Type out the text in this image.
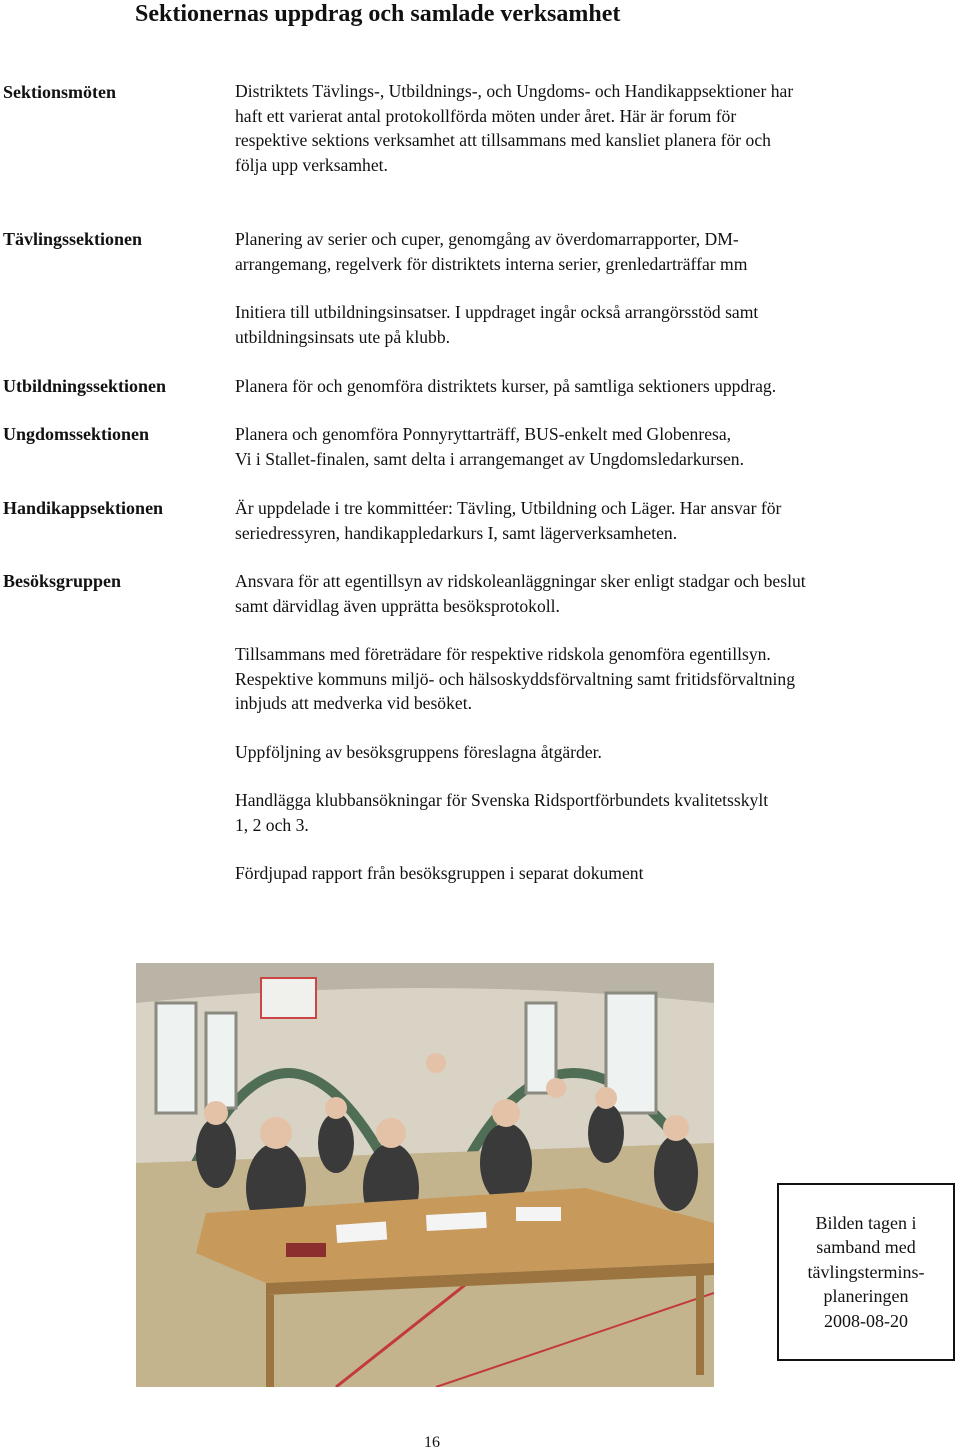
Sektionernas uppdrag och samlade verksamhet
Sektionsmöten	Distriktets Tävlings-, Utbildnings-, och Ungdoms- och Handikappsektioner har
haft ett varierat antal protokollförda möten under året. Här är forum för
respektive sektions verksamhet att tillsammans med kansliet planera för och
följa upp verksamhet.
Tävlingssektionen	Planering av serier och cuper, genomgång av överdomarrapporter, DM-
arrangemang, regelverk för distriktets interna serier, grenledarträffar mm
Initiera till utbildningsinsatser. I uppdraget ingår också arrangörsstöd samt
utbildningsinsats ute på klubb.
Utbildningssektionen	Planera för och genomföra distriktets kurser, på samtliga sektioners uppdrag.
Ungdomssektionen	Planera och genomföra Ponnyryttarträff, BUS-enkelt med Globenresa,
Vi i Stallet-finalen, samt delta i arrangemanget av Ungdomsledarkursen.
Handikappsektionen	Är uppdelade i tre kommittéer: Tävling, Utbildning och Läger. Har ansvar för
seriedressyren, handikappledarkurs I, samt lägerverksamheten.
Besöksgruppen	Ansvara för att egentillsyn av ridskoleanläggningar sker enligt stadgar och beslut
samt därvidlag även upprätta besöksprotokoll.
Tillsammans med företrädare för respektive ridskola genomföra egentillsyn.
Respektive kommuns miljö- och hälsoskyddsförvaltning samt fritidsförvaltning
inbjuds att medverka vid besöket.
Uppföljning av besöksgruppens föreslagna åtgärder.
Handlägga klubbansökningar för Svenska Ridsportförbundets kvalitetsskylt
1, 2 och 3.
Fördjupad rapport från besöksgruppen i separat dokument
Bilden tagen i
samband med
tävlingstermins-
planeringen
2008-08-20
16
